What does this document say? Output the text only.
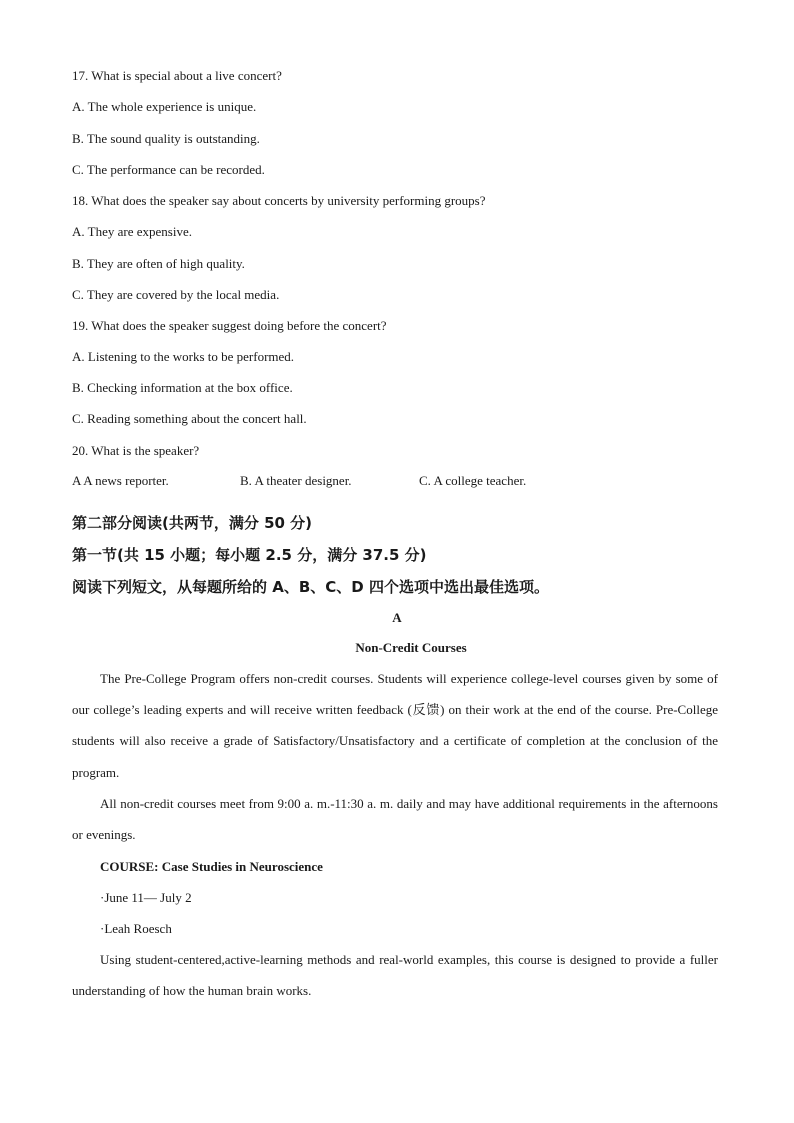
17. What is special about a live concert?
A. The whole experience is unique.
B. The sound quality is outstanding.
C. The performance can be recorded.
18. What does the speaker say about concerts by university performing groups?
A. They are expensive.
B. They are often of high quality.
C. They are covered by the local media.
19. What does the speaker suggest doing before the concert?
A. Listening to the works to be performed.
B. Checking information at the box office.
C. Reading something about the concert hall.
20. What is the speaker?
A A news reporter.	B. A theater designer.	C. A college teacher.
第二部分阅读(共两节，满分 50 分)
第一节(共 15 小题；每小题 2.5 分，满分 37.5 分)
阅读下列短文，从每题所给的 A、B、C、D 四个选项中选出最佳选项。
A
Non-Credit Courses
The Pre-College Program offers non-credit courses. Students will experience college-level courses given by some of our college’s leading experts and will receive written feedback (反馈) on their work at the end of the course. Pre-College students will also receive a grade of Satisfactory/Unsatisfactory and a certificate of completion at the conclusion of the program.
All non-credit courses meet from 9:00 a. m.-11:30 a. m. daily and may have additional requirements in the afternoons or evenings.
COURSE: Case Studies in Neuroscience
·June 11— July 2
·Leah Roesch
Using student-centered,active-learning methods and real-world examples, this course is designed to provide a fuller understanding of how the human brain works.
